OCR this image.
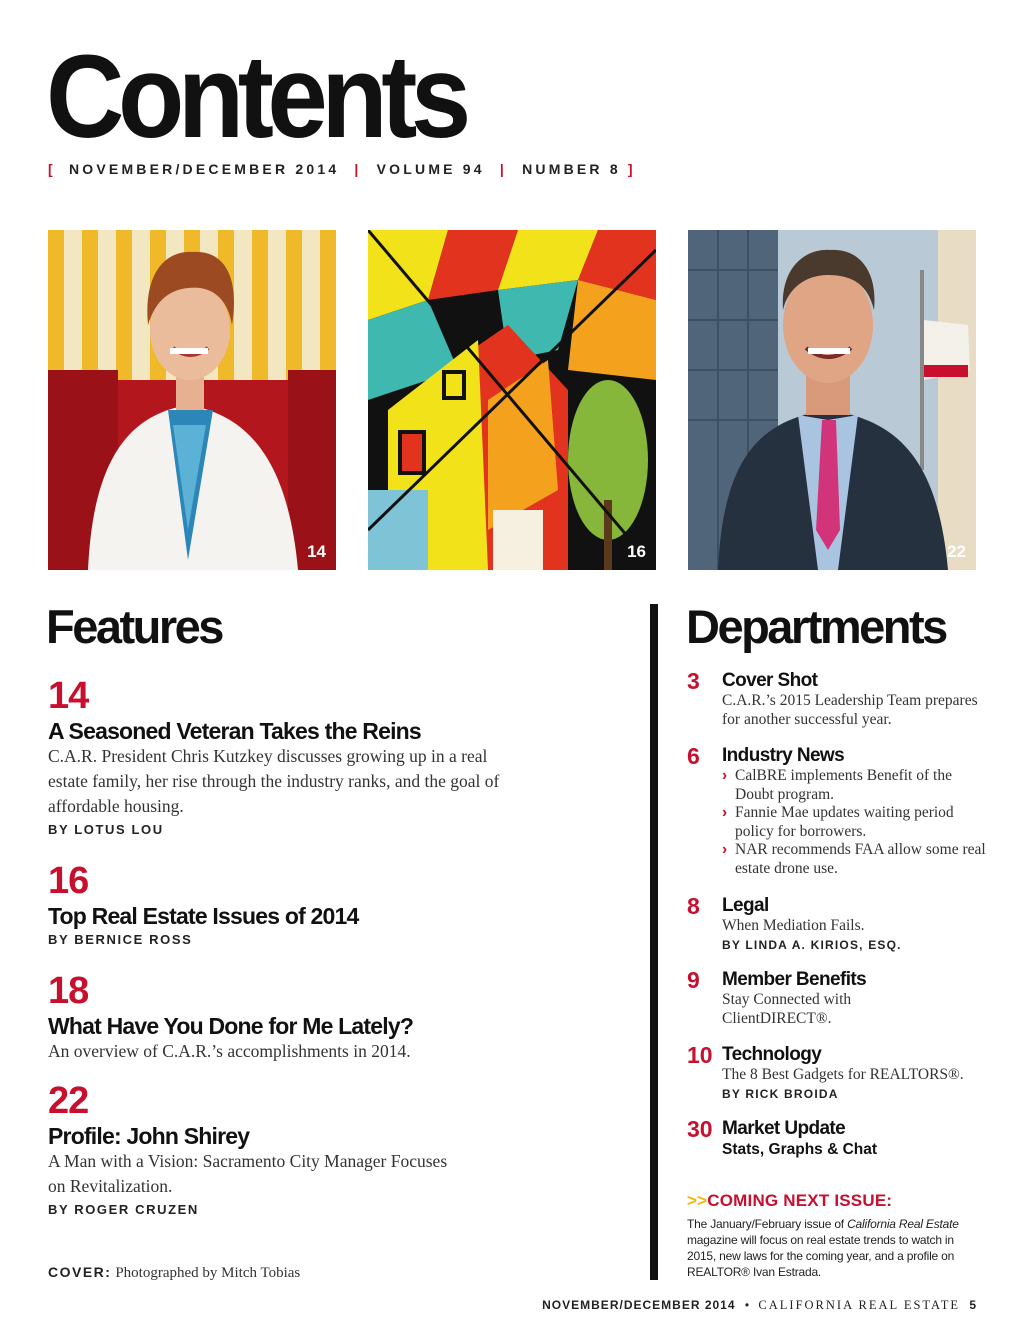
Contents
[ NOVEMBER/DECEMBER 2014 | VOLUME 94 | NUMBER 8 ]
14	16	22
Features
14
A Seasoned Veteran Takes the Reins
C.A.R. President Chris Kutzkey discusses growing up in a real estate family, her rise through the industry ranks, and the goal of affordable housing.
BY LOTUS LOU
16
Top Real Estate Issues of 2014
BY BERNICE ROSS
18
What Have You Done for Me Lately?
An overview of C.A.R.’s accomplishments in 2014.
22
Profile: John Shirey
A Man with a Vision: Sacramento City Manager Focuses on Revitalization.
BY ROGER CRUZEN
COVER: Photographed by Mitch Tobias
Departments
3 Cover Shot
C.A.R.’s 2015 Leadership Team prepares for another successful year.
6 Industry News
› CalBRE implements Benefit of the Doubt program.
› Fannie Mae updates waiting period policy for borrowers.
› NAR recommends FAA allow some real estate drone use.
8 Legal
When Mediation Fails.
BY LINDA A. KIRIOS, ESQ.
9 Member Benefits
Stay Connected with ClientDIRECT®.
10 Technology
The 8 Best Gadgets for REALTORS®.
BY RICK BROIDA
30 Market Update
Stats, Graphs & Chat
>>COMING NEXT ISSUE:
The January/February issue of California Real Estate magazine will focus on real estate trends to watch in 2015, new laws for the coming year, and a profile on REALTOR® Ivan Estrada.
NOVEMBER/DECEMBER 2014 • CALIFORNIA REAL ESTATE 5
